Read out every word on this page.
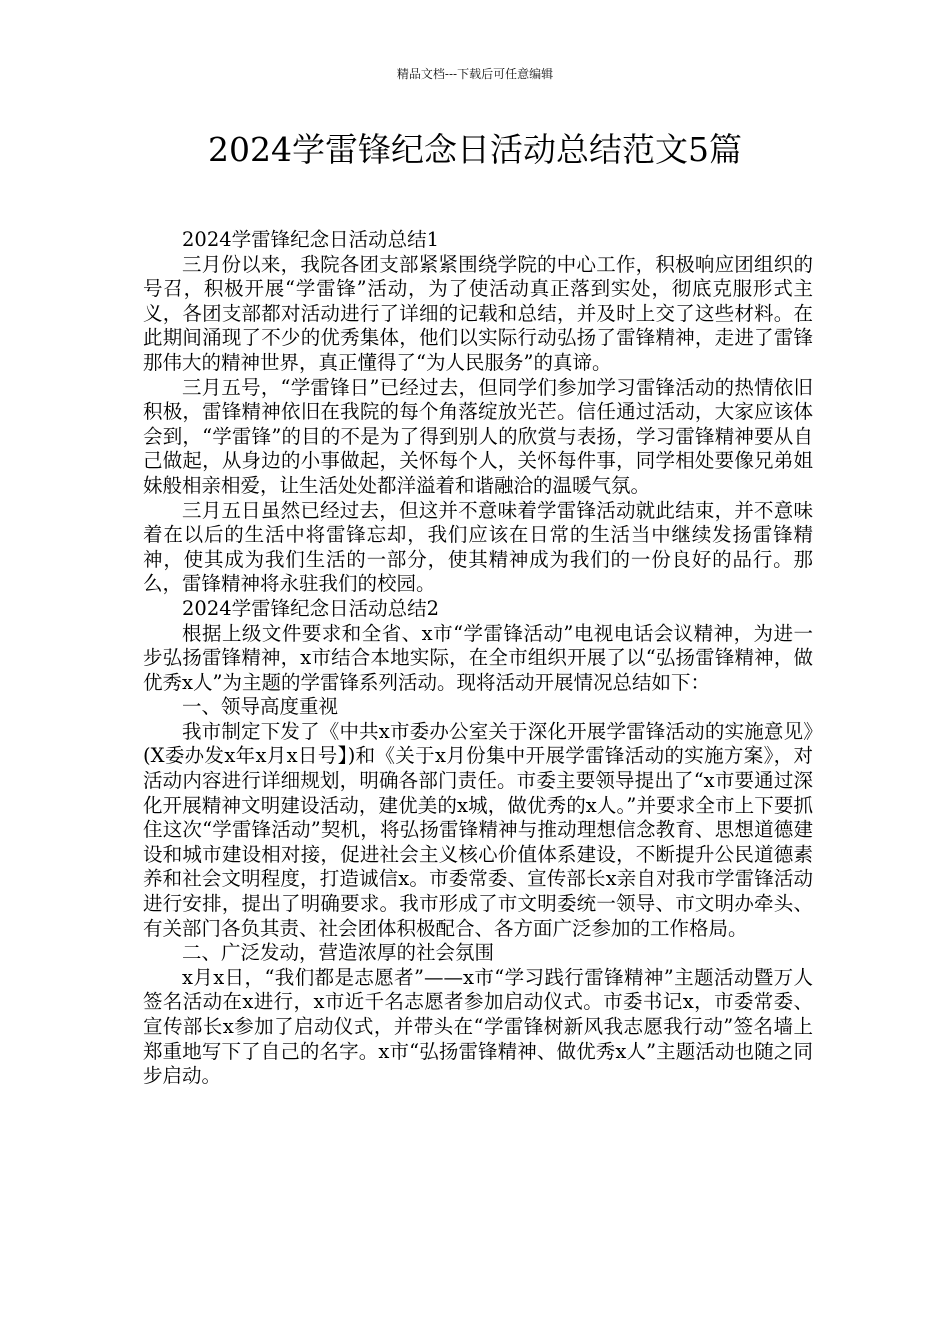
精品文档---下载后可任意编辑
2024学雷锋纪念日活动总结范文5篇

2024学雷锋纪念日活动总结1

三月份以来，我院各团支部紧紧围绕学院的中心工作，积极响应团组织的号召，积极开展“学雷锋”活动，为了使活动真正落到实处，彻底克服形式主义，各团支部都对活动进行了详细的记载和总结，并及时上交了这些材料。在此期间涌现了不少的优秀集体，他们以实际行动弘扬了雷锋精神，走进了雷锋那伟大的精神世界，真正懂得了“为人民服务”的真谛。

三月五号，“学雷锋日”已经过去，但同学们参加学习雷锋活动的热情依旧积极，雷锋精神依旧在我院的每个角落绽放光芒。信任通过活动，大家应该体会到，“学雷锋”的目的不是为了得到别人的欣赏与表扬，学习雷锋精神要从自己做起，从身边的小事做起，关怀每个人，关怀每件事，同学相处要像兄弟姐妹般相亲相爱，让生活处处都洋溢着和谐融洽的温暖气氛。

三月五日虽然已经过去，但这并不意味着学雷锋活动就此结束，并不意味着在以后的生活中将雷锋忘却，我们应该在日常的生活当中继续发扬雷锋精神，使其成为我们生活的一部分，使其精神成为我们的一份良好的品行。那么，雷锋精神将永驻我们的校园。

2024学雷锋纪念日活动总结2

根据上级文件要求和全省、x市“学雷锋活动”电视电话会议精神，为进一步弘扬雷锋精神，x市结合本地实际，在全市组织开展了以“弘扬雷锋精神，做优秀x人”为主题的学雷锋系列活动。现将活动开展情况总结如下：

一、领导高度重视

我市制定下发了《中共x市委办公室关于深化开展学雷锋活动的实施意见》(X委办发x年x月x日号】)和《关于x月份集中开展学雷锋活动的实施方案》，对活动内容进行详细规划，明确各部门责任。市委主要领导提出了“x市要通过深化开展精神文明建设活动，建优美的x城，做优秀的x人。”并要求全市上下要抓住这次“学雷锋活动”契机，将弘扬雷锋精神与推动理想信念教育、思想道德建设和城市建设相对接，促进社会主义核心价值体系建设，不断提升公民道德素养和社会文明程度，打造诚信x。市委常委、宣传部长x亲自对我市学雷锋活动进行安排，提出了明确要求。我市形成了市文明委统一领导、市文明办牵头、有关部门各负其责、社会团体积极配合、各方面广泛参加的工作格局。

二、广泛发动，营造浓厚的社会氛围

x月x日，“我们都是志愿者”——x市“学习践行雷锋精神”主题活动暨万人签名活动在x进行，x市近千名志愿者参加启动仪式。市委书记x，市委常委、宣传部长x参加了启动仪式，并带头在“学雷锋树新风我志愿我行动”签名墙上郑重地写下了自己的名字。x市“弘扬雷锋精神、做优秀x人”主题活动也随之同步启动。
